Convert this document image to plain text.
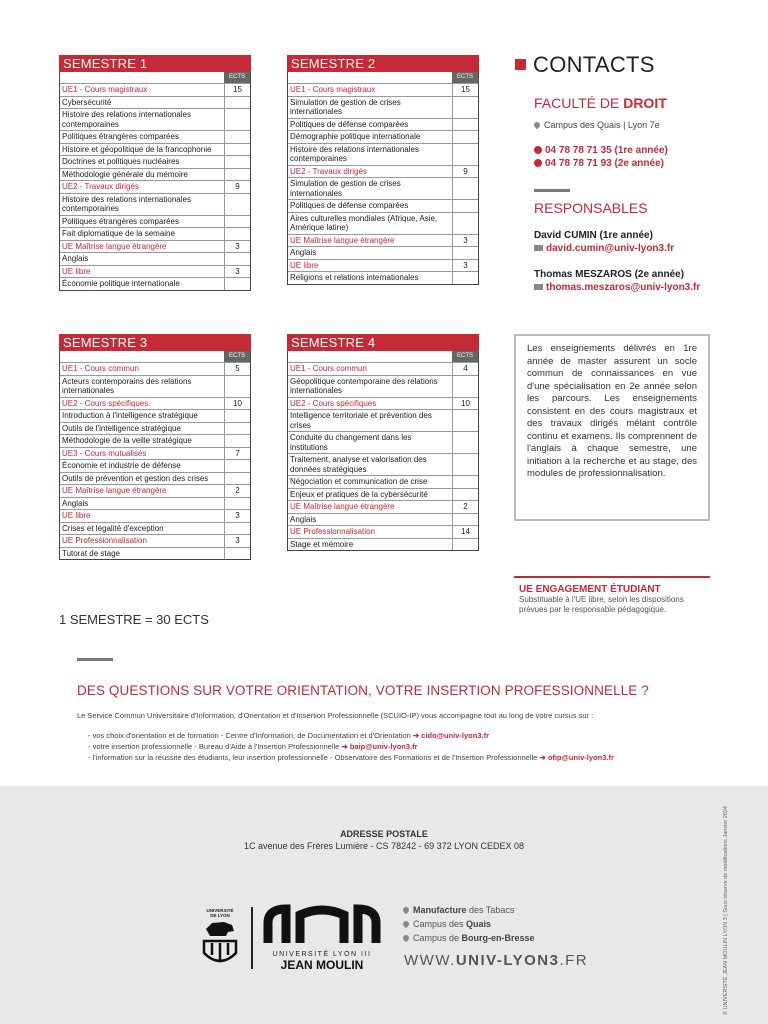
SEMESTRE 1
ECTS
UE1 - Cours magistraux	15
Cybersécurité
Histoire des relations internationales contemporaines
Politiques étrangères comparées
Histoire et géopolitique de la francophonie
Doctrines et politiques nucléaires
Méthodologie générale du mémoire
UE2 - Travaux dirigés	9
Histoire des relations internationales contemporaines
Politiques étrangères comparées
Fait diplomatique de la semaine
UE Maîtrise langue étrangère	3
Anglais
UE libre	3
Économie politique internationale
SEMESTRE 2
ECTS
UE1 - Cours magistraux	15
Simulation de gestion de crises internationales
Politiques de défense comparées
Démographie politique internationale
Histoire des relations internationales contemporaines
UE2 - Travaux dirigés	9
Simulation de gestion de crises internationales
Politiques de défense comparées
Aires culturelles mondiales (Afrique, Asie, Amérique latine)
UE Maîtrise langue étrangère	3
Anglais
UE libre	3
Religions et relations internationales
SEMESTRE 3
ECTS
UE1 - Cours commun	5
Acteurs contemporains des relations internationales
UE2 - Cours spécifiques	10
Introduction à l'intelligence stratégique
Outils de l'intelligence stratégique
Méthodologie de la veille stratégique
UE3 - Cours mutualisés	7
Économie et industrie de défense
Outils de prévention et gestion des crises
UE Maîtrise langue étrangère	2
Anglais
UE libre	3
Crises et légalité d'exception
UE Professionnalisation	3
Tutorat de stage
SEMESTRE 4
ECTS
UE1 - Cours commun	4
Géopolitique contemporaine des relations internationales
UE2 - Cours spécifiques	10
Intelligence territoriale et prévention des crises
Conduite du changement dans les institutions
Traitement, analyse et valorisation des données stratégiques
Négociation et communication de crise
Enjeux et pratiques de la cybersécurité
UE Maîtrise langue étrangère	2
Anglais
UE Professionnalisation	14
Stage et mémoire
CONTACTS
FACULTÉ DE DROIT
Campus des Quais | Lyon 7e
04 78 78 71 35 (1re année)
04 78 78 71 93 (2e année)
RESPONSABLES
David CUMIN (1re année)
david.cumin@univ-lyon3.fr
Thomas MESZAROS (2e année)
thomas.meszaros@univ-lyon3.fr
Les enseignements délivrés en 1re année de master assurent un socle commun de connaissances en vue d'une spécialisation en 2e année selon les parcours. Les enseignements consistent en des cours magistraux et des travaux dirigés mêlant contrôle continu et examens. Ils comprennent de l'anglais à chaque semestre, une initiation à la recherche et au stage, des modules de professionnalisation.
UE ENGAGEMENT ÉTUDIANT
Substituable à l'UE libre, selon les dispositions prévues par le responsable pédagogique.
1 SEMESTRE = 30 ECTS
DES QUESTIONS SUR VOTRE ORIENTATION, VOTRE INSERTION PROFESSIONNELLE ?
Le Service Commun Universitaire d'Information, d'Orientation et d'Insertion Professionnelle (SCUIO-IP) vous accompagne tout au long de votre cursus sur :
- vos choix d'orientation et de formation - Centre d'Information, de Documentation et d'Orientation ➔ cido@univ-lyon3.fr
- votre insertion professionnelle - Bureau d'Aide à l'Insertion Professionnelle ➔ baip@univ-lyon3.fr
- l'information sur la réussite des étudiants, leur insertion professionnelle - Observatoire des Formations et de l'Insertion Professionnelle ➔ ofip@univ-lyon3.fr
ADRESSE POSTALE
1C avenue des Frères Lumière - CS 78242 - 69 372 LYON CEDEX 08
UNIVERSITÉ
DE LYON
UNIVERSITÉ LYON III
JEAN MOULIN
Manufacture des Tabacs
Campus des Quais
Campus de Bourg-en-Bresse
WWW.UNIV-LYON3.FR	© UNIVERSITÉ JEAN MOULIN LYON 3 | Sous réserve de modifications Janvier 2024
